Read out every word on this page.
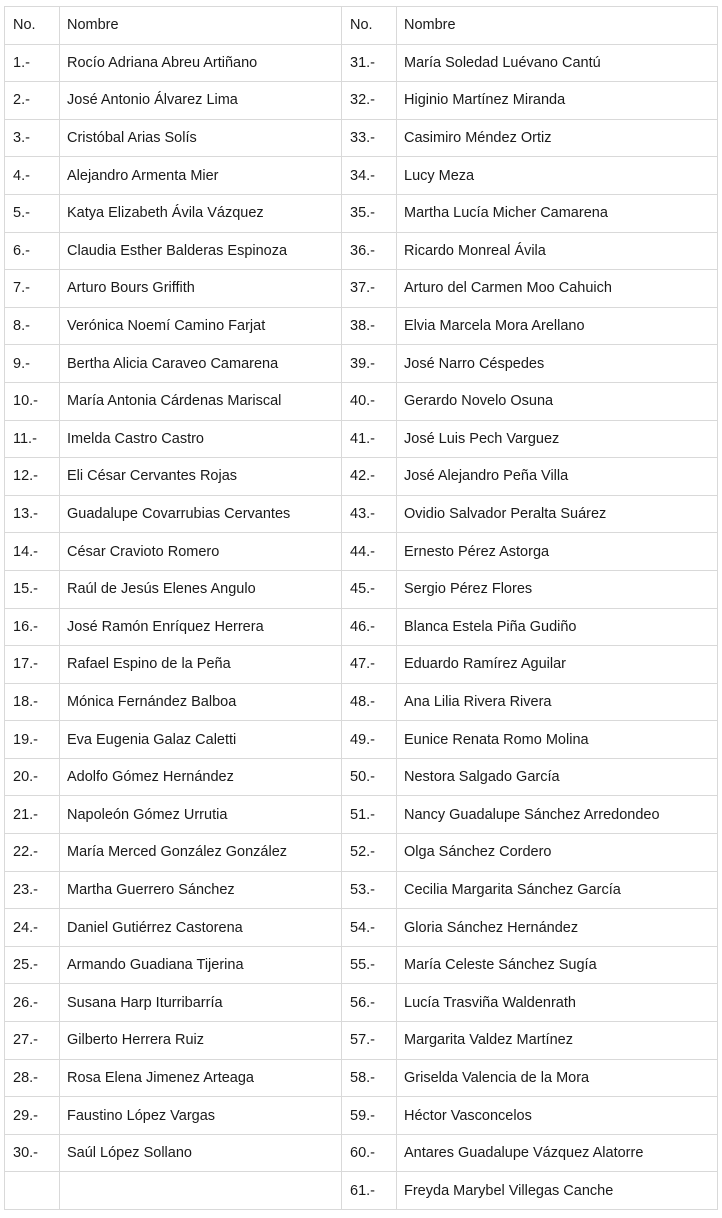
No.	Nombre	No.	Nombre
1.-	Rocío Adriana Abreu Artiñano	31.-	María Soledad Luévano Cantú
2.-	José Antonio Álvarez Lima	32.-	Higinio Martínez Miranda
3.-	Cristóbal Arias Solís	33.-	Casimiro Méndez Ortiz
4.-	Alejandro Armenta Mier	34.-	Lucy Meza
5.-	Katya Elizabeth Ávila Vázquez	35.-	Martha Lucía Micher Camarena
6.-	Claudia Esther Balderas Espinoza	36.-	Ricardo Monreal Ávila
7.-	Arturo Bours Griffith	37.-	Arturo del Carmen Moo Cahuich
8.-	Verónica Noemí Camino Farjat	38.-	Elvia Marcela Mora Arellano
9.-	Bertha Alicia Caraveo Camarena	39.-	José Narro Céspedes
10.-	María Antonia Cárdenas Mariscal	40.-	Gerardo Novelo Osuna
11.-	Imelda Castro Castro	41.-	José Luis Pech Varguez
12.-	Eli César Cervantes Rojas	42.-	José Alejandro Peña Villa
13.-	Guadalupe Covarrubias Cervantes	43.-	Ovidio Salvador Peralta Suárez
14.-	César Cravioto Romero	44.-	Ernesto Pérez Astorga
15.-	Raúl de Jesús Elenes Angulo	45.-	Sergio Pérez Flores
16.-	José Ramón Enríquez Herrera	46.-	Blanca Estela Piña Gudiño
17.-	Rafael Espino de la Peña	47.-	Eduardo Ramírez Aguilar
18.-	Mónica Fernández Balboa	48.-	Ana Lilia Rivera Rivera
19.-	Eva Eugenia Galaz Caletti	49.-	Eunice Renata Romo Molina
20.-	Adolfo Gómez Hernández	50.-	Nestora Salgado García
21.-	Napoleón Gómez Urrutia	51.-	Nancy Guadalupe Sánchez Arredondeo
22.-	María Merced González González	52.-	Olga Sánchez Cordero
23.-	Martha Guerrero Sánchez	53.-	Cecilia Margarita Sánchez García
24.-	Daniel Gutiérrez Castorena	54.-	Gloria Sánchez Hernández
25.-	Armando Guadiana Tijerina	55.-	María Celeste Sánchez Sugía
26.-	Susana Harp Iturribarría	56.-	Lucía Trasviña Waldenrath
27.-	Gilberto Herrera Ruiz	57.-	Margarita Valdez Martínez
28.-	Rosa Elena Jimenez Arteaga	58.-	Griselda Valencia de la Mora
29.-	Faustino López Vargas	59.-	Héctor Vasconcelos
30.-	Saúl López Sollano	60.-	Antares Guadalupe Vázquez Alatorre
		61.-	Freyda Marybel Villegas Canche
